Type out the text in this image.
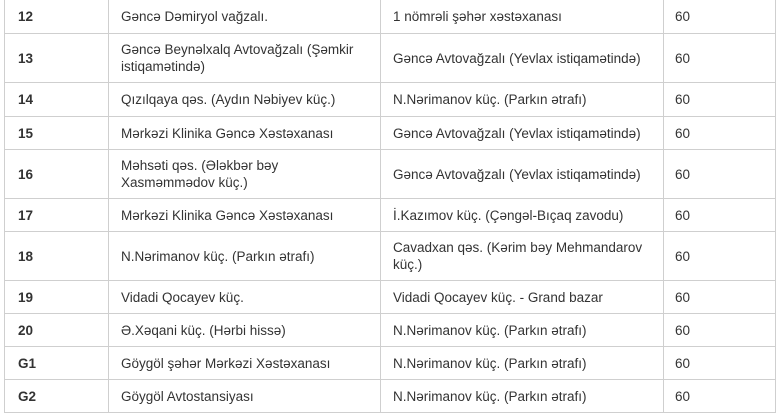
12	Gəncə Dəmiryol vağzalı.	1 nömrəli şəhər xəstəxanası	60
13	Gəncə Beynəlxalq Avtovağzalı (Şəmkir istiqamətində)	Gəncə Avtovağzalı (Yevlax istiqamətində)	60
14	Qızılqaya qəs. (Aydın Nəbiyev küç.)	N.Nərimanov küç. (Parkın ətrafı)	60
15	Mərkəzi Klinika Gəncə Xəstəxanası	Gəncə Avtovağzalı (Yevlax istiqamətində)	60
16	Məhsəti qəs. (Ələkbər bəy Xasməmmədov küç.)	Gəncə Avtovağzalı (Yevlax istiqamətində)	60
17	Mərkəzi Klinika Gəncə Xəstəxanası	İ.Kazımov küç. (Çəngəl-Bıçaq zavodu)	60
18	N.Nərimanov küç. (Parkın ətrafı)	Cavadxan qəs. (Kərim bəy Mehmandarov küç.)	60
19	Vidadi Qocayev küç.	Vidadi Qocayev küç. - Grand bazar	60
20	Ə.Xəqani küç. (Hərbi hissə)	N.Nərimanov küç. (Parkın ətrafı)	60
G1	Göygöl şəhər Mərkəzi Xəstəxanası	N.Nərimanov küç. (Parkın ətrafı)	60
G2	Göygöl Avtostansiyası	N.Nərimanov küç. (Parkın ətrafı)	60
